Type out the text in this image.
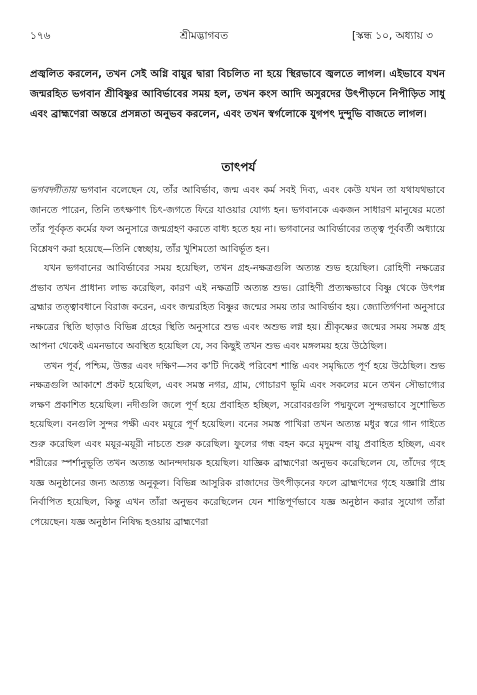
১৭৬	শ্রীমদ্ভাগবত	[স্কন্ধ ১০, অধ্যায় ৩
প্রজ্বলিত করলেন, তখন সেই অগ্নি বায়ুর দ্বারা বিচলিত না হয়ে স্থিরভাবে জ্বলতে লাগল। এইভাবে যখন জন্মরহিত ভগবান শ্রীবিষ্ণুর আবির্ভাবের সময় হল, তখন কংস আদি অসুরদের উৎপীড়নে নিপীড়িত সাধু এবং ব্রাহ্মণেরা অন্তরে প্রসন্নতা অনুভব করলেন, এবং তখন স্বর্গলোকে যুগপৎ দুন্দুভি বাজতে লাগল।
তাৎপর্য

ভগবদ্গীতায় ভগবান বলেছেন যে, তাঁর আবির্ভাব, জন্ম এবং কর্ম সবই দিব্য, এবং কেউ যখন তা যথাযথভাবে জানতে পারেন, তিনি তৎক্ষণাৎ চিৎ-জগতে ফিরে যাওয়ার যোগ্য হন। ভগবানকে একজন সাধারণ মানুষের মতো তাঁর পূর্বকৃত কর্মের ফল অনুসারে জন্মগ্রহণ করতে বাধ্য হতে হয় না। ভগবানের আবির্ভাবের তত্ত্ব পূর্ববর্তী অধ্যায়ে বিশ্লেষণ করা হয়েছে—তিনি স্বেচ্ছায়, তাঁর খুশিমতো আবির্ভূত হন।

যখন ভগবানের আবির্ভাবের সময় হয়েছিল, তখন গ্রহ-নক্ষত্রগুলি অত্যন্ত শুভ হয়েছিল। রোহিণী নক্ষত্রের প্রভাব তখন প্রাধান্য লাভ করেছিল, কারণ এই নক্ষত্রটি অত্যন্ত শুভ। রোহিণী প্রত্যক্ষভাবে বিষ্ণু থেকে উৎপন্ন ব্রহ্মার তত্ত্বাবধানে বিরাজ করেন, এবং জন্মরহিত বিষ্ণুর জন্মের সময় তার আবির্ভাব হয়। জ্যোতির্গণনা অনুসারে নক্ষত্রের স্থিতি ছাড়াও বিভিন্ন গ্রহের স্থিতি অনুসারে শুভ এবং অশুভ লগ্ন হয়। শ্রীকৃষ্ণের জন্মের সময় সমস্ত গ্রহ আপনা থেকেই এমনভাবে অবস্থিত হয়েছিল যে, সব কিছুই তখন শুভ এবং মঙ্গলময় হয়ে উঠেছিল।

তখন পূর্ব, পশ্চিম, উত্তর এবং দক্ষিণ—সব ক'টি দিকেই পরিবেশ শান্তি এবং সমৃদ্ধিতে পূর্ণ হয়ে উঠেছিল। শুভ নক্ষত্রগুলি আকাশে প্রকট হয়েছিল, এবং সমস্ত নগর, গ্রাম, গোচারণ ভূমি এবং সকলের মনে তখন সৌভাগ্যের লক্ষণ প্রকাশিত হয়েছিল। নদীগুলি জলে পূর্ণ হয়ে প্রবাহিত হচ্ছিল, সরোবরগুলি পদ্মফুলে সুন্দরভাবে সুশোভিত হয়েছিল। বনগুলি সুন্দর পক্ষী এবং ময়ূরে পূর্ণ হয়েছিল। বনের সমস্ত পাখিরা তখন অত্যন্ত মধুর স্বরে গান গাইতে শুরু করেছিল এবং ময়ূর-ময়ূরী নাচতে শুরু করেছিল। ফুলের গন্ধ বহন করে মৃদুমন্দ বায়ু প্রবাহিত হচ্ছিল, এবং শরীরের স্পর্শানুভূতি তখন অত্যন্ত আনন্দদায়ক হয়েছিল। যাজ্ঞিক ব্রাহ্মণেরা অনুভব করেছিলেন যে, তাঁদের গৃহে যজ্ঞ অনুষ্ঠানের জন্য অত্যন্ত অনুকূল। বিভিন্ন আসুরিক রাজাদের উৎপীড়নের ফলে ব্রাহ্মণদের গৃহে যজ্ঞাগ্নি প্রায় নির্বাপিত হয়েছিল, কিন্তু এখন তাঁরা অনুভব করেছিলেন যেন শান্তিপূর্ণভাবে যজ্ঞ অনুষ্ঠান করার সুযোগ তাঁরা পেয়েছেন। যজ্ঞ অনুষ্ঠান নিষিদ্ধ হওয়ায় ব্রাহ্মণেরা
